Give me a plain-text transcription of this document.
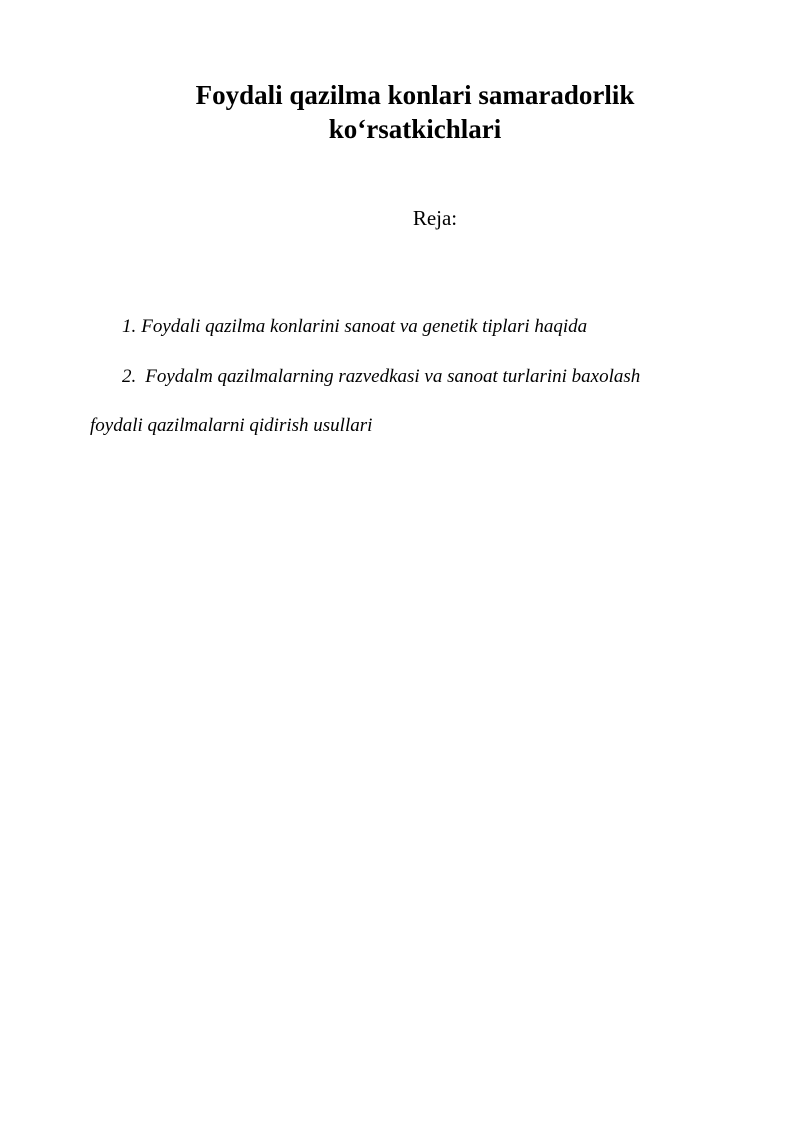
Foydali qazilma konlari samaradorlik
ko‘rsatkichlari

Reja:

1. Foydali qazilma konlarini sanoat va genetik tiplari haqida

2. Foydalm qazilmalarning razvedkasi va sanoat turlarini baxolash

foydali qazilmalarni qidirish usullari
